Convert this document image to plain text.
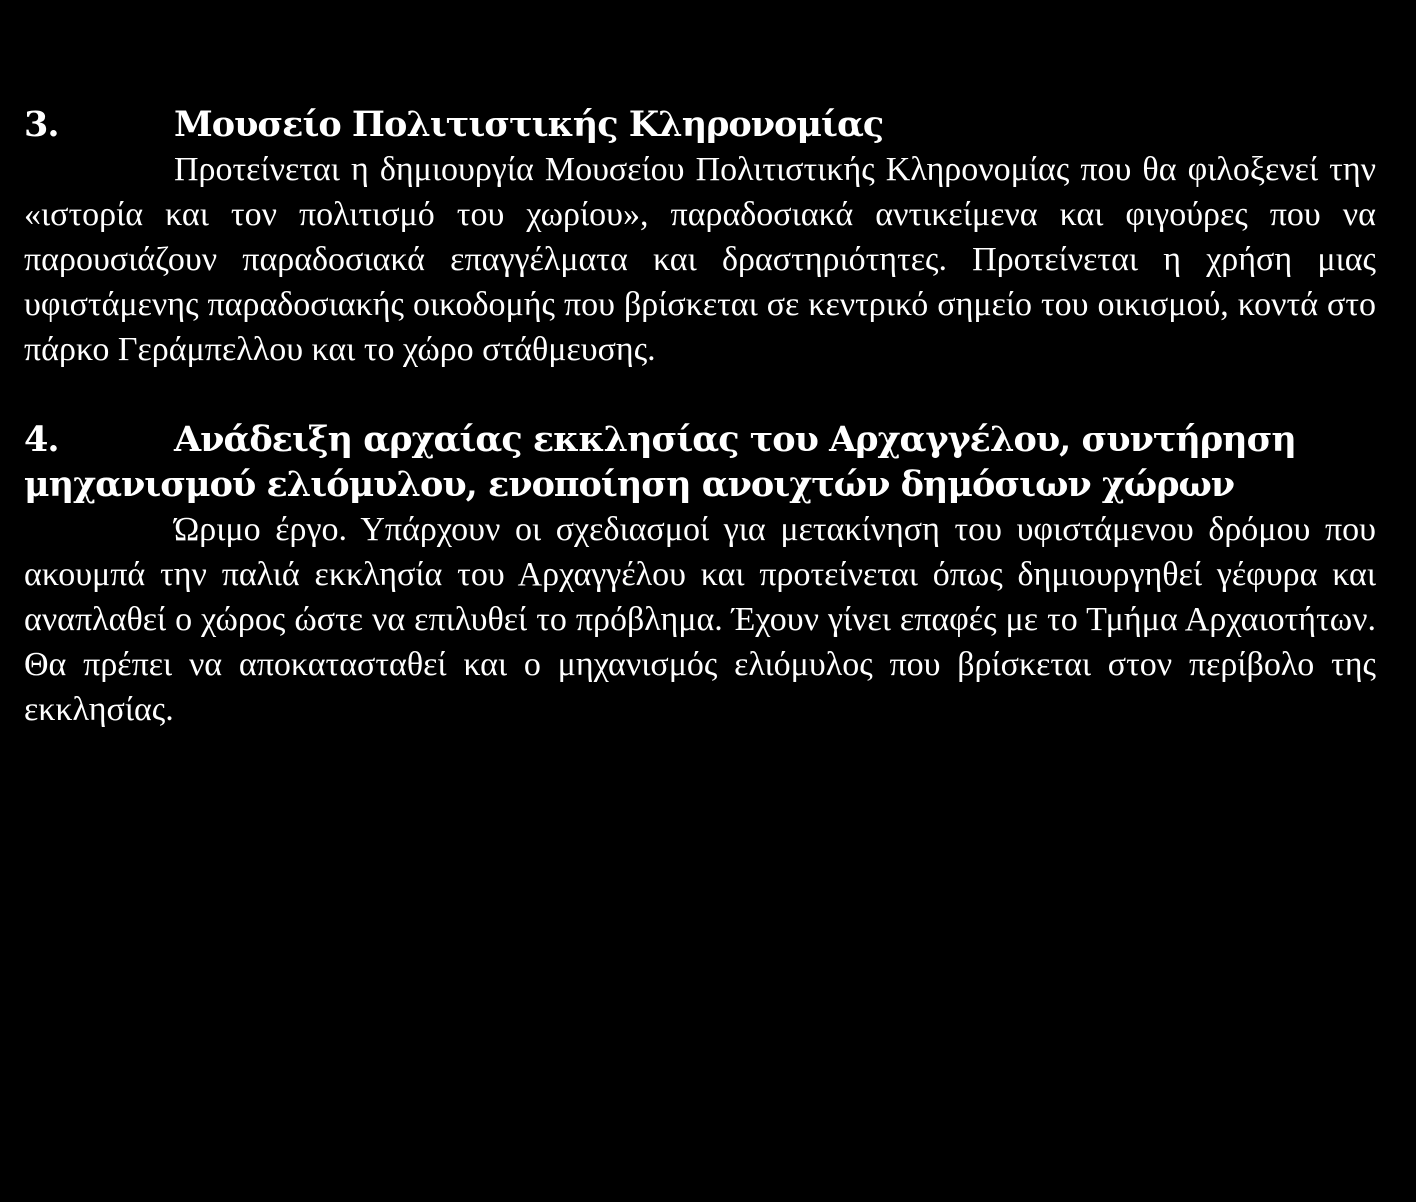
3.	Μουσείο Πολιτιστικής Κληρονομίας

Προτείνεται η δημιουργία Μουσείου Πολιτιστικής Κληρονομίας που θα φιλοξενεί την «ιστορία και τον πολιτισμό του χωρίου», παραδοσιακά αντικείμενα και φιγούρες που να παρουσιάζουν παραδοσιακά επαγγέλματα και δραστηριότητες. Προτείνεται η χρήση μιας υφιστάμενης παραδοσιακής οικοδομής που βρίσκεται σε κεντρικό σημείο του οικισμού, κοντά στο πάρκο Γεράμπελλου και το χώρο στάθμευσης.

4.	Ανάδειξη αρχαίας εκκλησίας του Αρχαγγέλου, συντήρηση μηχανισμού ελιόμυλου, ενοποίηση ανοιχτών δημόσιων χώρων

Ώριμο έργο. Υπάρχουν οι σχεδιασμοί για μετακίνηση του υφιστάμενου δρόμου που ακουμπά την παλιά εκκλησία του Αρχαγγέλου και προτείνεται όπως δημιουργηθεί γέφυρα και αναπλαθεί ο χώρος ώστε να επιλυθεί το πρόβλημα. Έχουν γίνει επαφές με το Τμήμα Αρχαιοτήτων. Θα πρέπει να αποκατασταθεί και ο μηχανισμός ελιόμυλος που βρίσκεται στον περίβολο της εκκλησίας.
